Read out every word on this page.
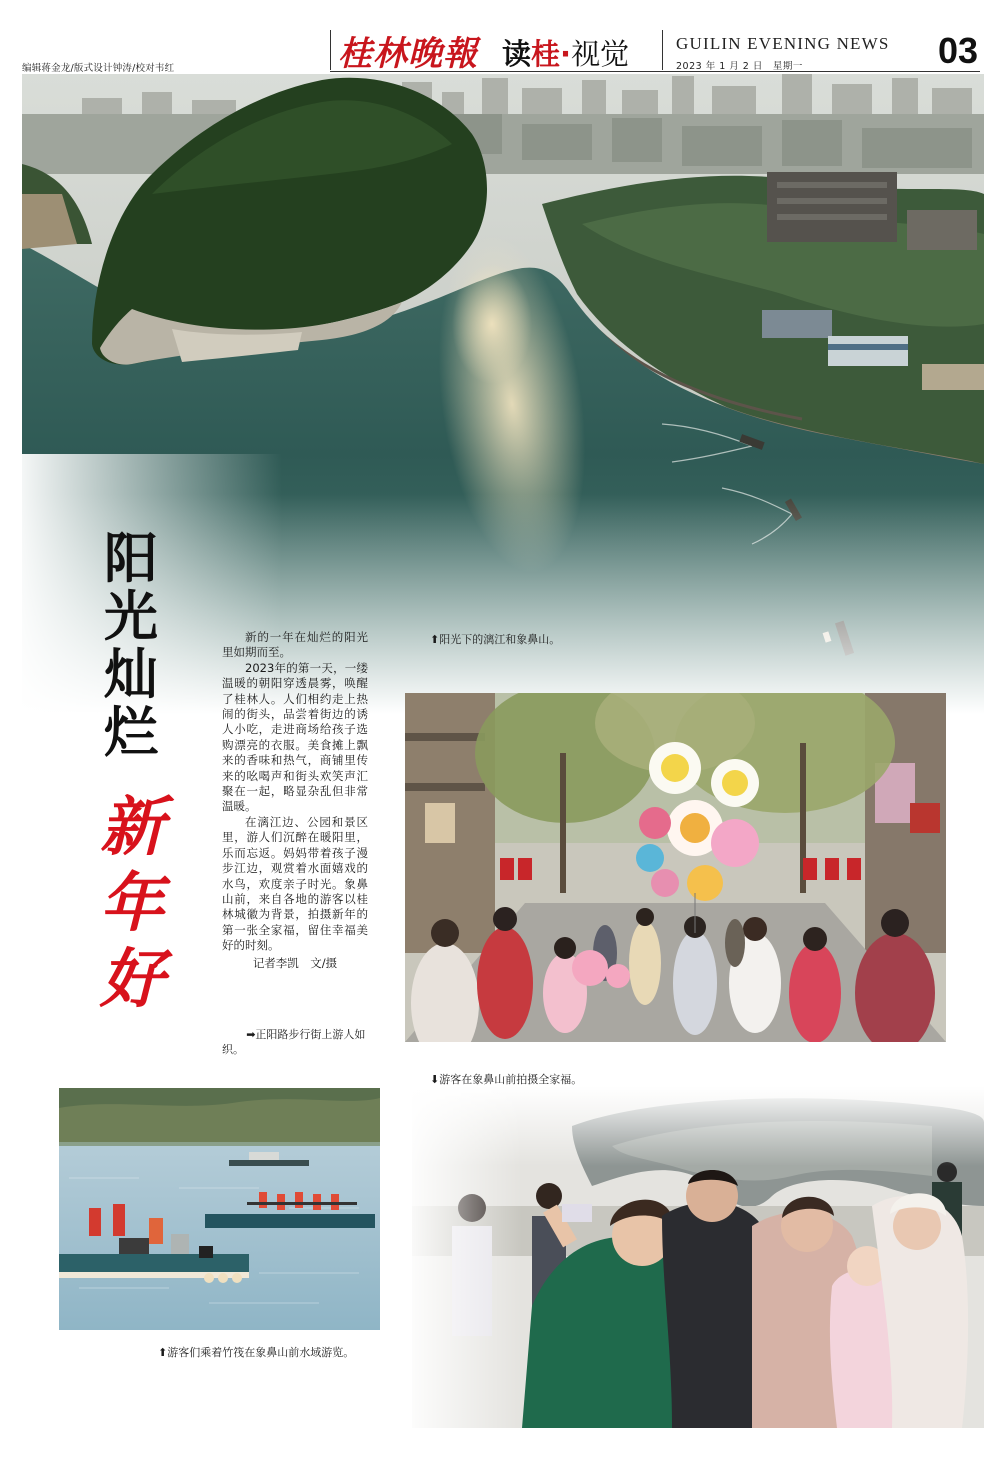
编辑蒋金龙/版式设计钟涛/校对韦红	桂林晚報 读桂·视觉	GUILIN EVENING NEWS
2023 年 1 月 2 日　星期一	03
阳光灿烂
新年好

新的一年在灿烂的阳光里如期而至。

2023年的第一天，一缕温暖的朝阳穿透晨雾，唤醒了桂林人。人们相约走上热闹的街头，品尝着街边的诱人小吃，走进商场给孩子选购漂亮的衣服。美食摊上飘来的香味和热气，商铺里传来的吆喝声和街头欢笑声汇聚在一起，略显杂乱但非常温暖。

在漓江边、公园和景区里，游人们沉醉在暖阳里，乐而忘返。妈妈带着孩子漫步江边，观赏着水面嬉戏的水鸟，欢度亲子时光。象鼻山前，来自各地的游客以桂林城徽为背景，拍摄新年的第一张全家福，留住幸福美好的时刻。

记者李凯　文/摄
⬆阳光下的漓江和象鼻山。
➡正阳路步行街上游人如织。
⬇游客在象鼻山前拍摄全家福。
⬆游客们乘着竹筏在象鼻山前水域游览。
